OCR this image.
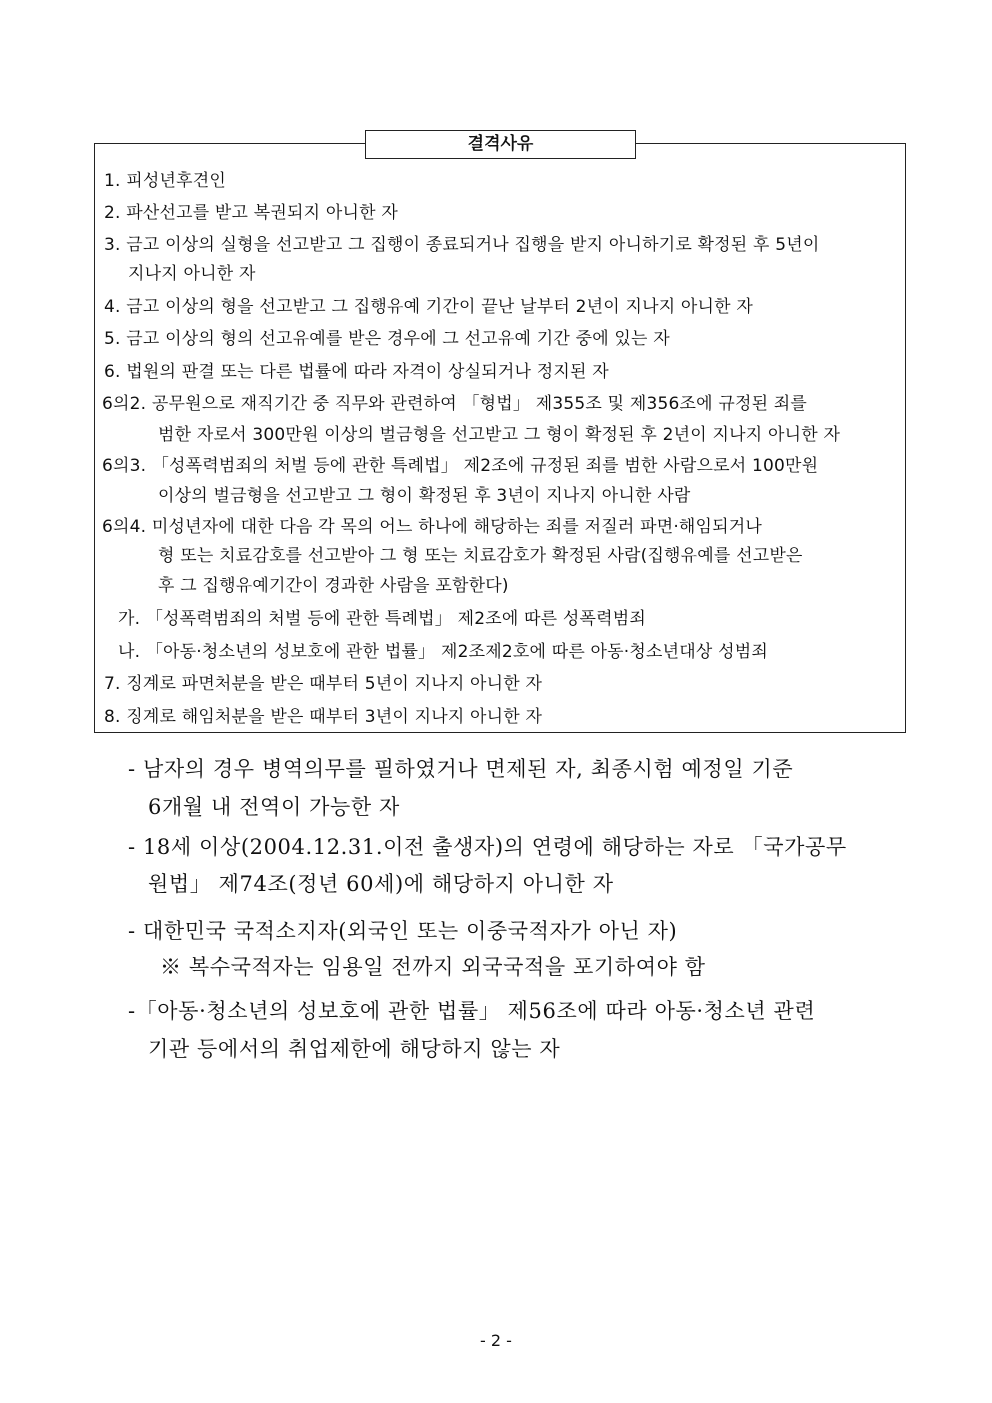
결격사유
1. 피성년후견인
2. 파산선고를 받고 복권되지 아니한 자
3. 금고 이상의 실형을 선고받고 그 집행이 종료되거나 집행을 받지 아니하기로 확정된 후 5년이
지나지 아니한 자
4. 금고 이상의 형을 선고받고 그 집행유예 기간이 끝난 날부터 2년이 지나지 아니한 자
5. 금고 이상의 형의 선고유예를 받은 경우에 그 선고유예 기간 중에 있는 자
6. 법원의 판결 또는 다른 법률에 따라 자격이 상실되거나 정지된 자
6의2. 공무원으로 재직기간 중 직무와 관련하여 「형법」 제355조 및 제356조에 규정된 죄를
범한 자로서 300만원 이상의 벌금형을 선고받고 그 형이 확정된 후 2년이 지나지 아니한 자
6의3. 「성폭력범죄의 처벌 등에 관한 특례법」 제2조에 규정된 죄를 범한 사람으로서 100만원
이상의 벌금형을 선고받고 그 형이 확정된 후 3년이 지나지 아니한 사람
6의4. 미성년자에 대한 다음 각 목의 어느 하나에 해당하는 죄를 저질러 파면·해임되거나
형 또는 치료감호를 선고받아 그 형 또는 치료감호가 확정된 사람(집행유예를 선고받은
후 그 집행유예기간이 경과한 사람을 포함한다)
가. 「성폭력범죄의 처벌 등에 관한 특례법」 제2조에 따른 성폭력범죄
나. 「아동·청소년의 성보호에 관한 법률」 제2조제2호에 따른 아동·청소년대상 성범죄
7. 징계로 파면처분을 받은 때부터 5년이 지나지 아니한 자
8. 징계로 해임처분을 받은 때부터 3년이 지나지 아니한 자
- 남자의 경우 병역의무를 필하였거나 면제된 자, 최종시험 예정일 기준
6개월 내 전역이 가능한 자
- 18세 이상(2004.12.31.이전 출생자)의 연령에 해당하는 자로 「국가공무
원법」 제74조(정년 60세)에 해당하지 아니한 자
- 대한민국 국적소지자(외국인 또는 이중국적자가 아닌 자)
※ 복수국적자는 임용일 전까지 외국국적을 포기하여야 함
-「아동·청소년의 성보호에 관한 법률」 제56조에 따라 아동·청소년 관련
기관 등에서의 취업제한에 해당하지 않는 자
- 2 -
